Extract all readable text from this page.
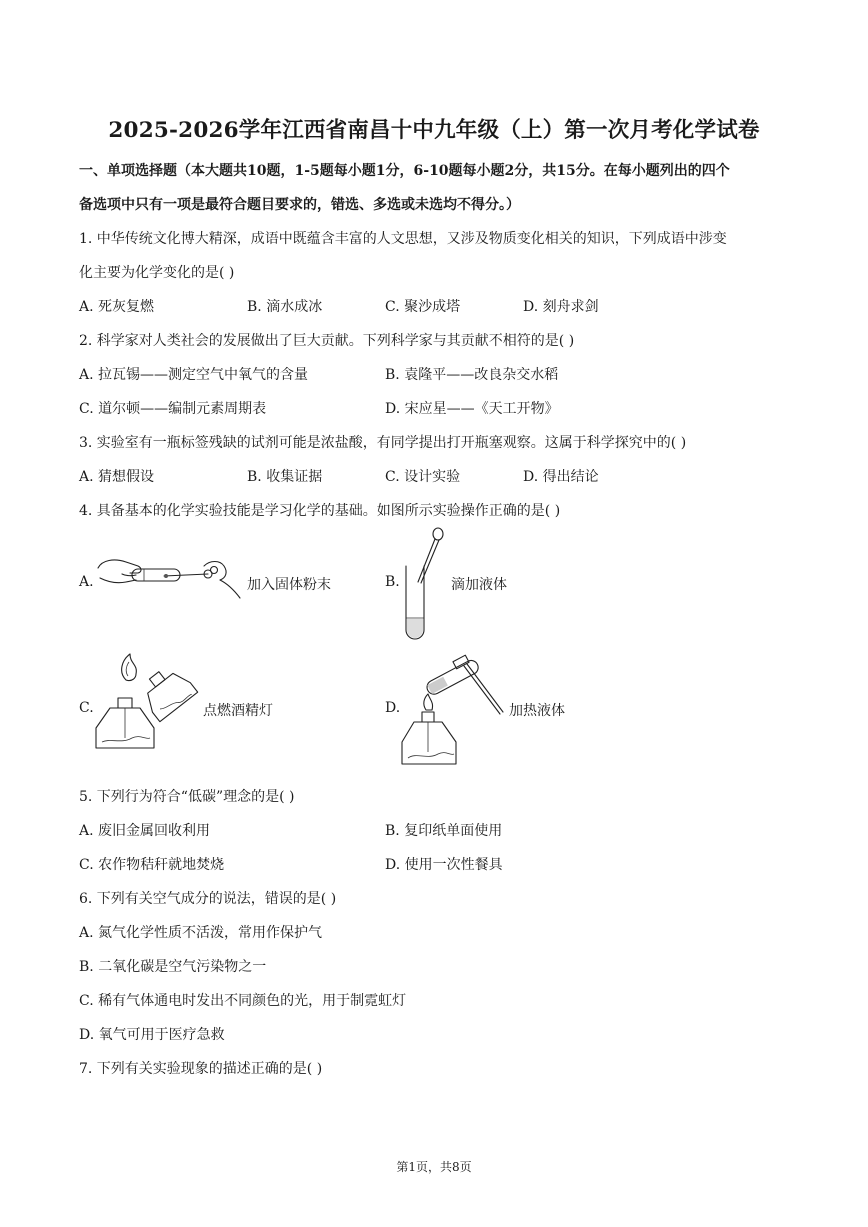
2025-2026学年江西省南昌十中九年级（上）第一次月考化学试卷
一、单项选择题（本大题共10题，1-5题每小题1分，6-10题每小题2分，共15分。在每小题列出的四个
备选项中只有一项是最符合题目要求的，错选、多选或未选均不得分。）
1. 中华传统文化博大精深，成语中既蕴含丰富的人文思想，又涉及物质变化相关的知识，下列成语中涉变
化主要为化学变化的是( )
A. 死灰复燃	B. 滴水成冰	C. 聚沙成塔	D. 刻舟求剑
2. 科学家对人类社会的发展做出了巨大贡献。下列科学家与其贡献不相符的是( )
A. 拉瓦锡——测定空气中氧气的含量	B. 袁隆平——改良杂交水稻
C. 道尔顿——编制元素周期表	D. 宋应星——《天工开物》
3. 实验室有一瓶标签残缺的试剂可能是浓盐酸，有同学提出打开瓶塞观察。这属于科学探究中的( )
A. 猜想假设	B. 收集证据	C. 设计实验	D. 得出结论
4. 具备基本的化学实验技能是学习化学的基础。如图所示实验操作正确的是( )
A.	加入固体粉末	B.	滴加液体
C.	点燃酒精灯	D.	加热液体
5. 下列行为符合“低碳”理念的是( )
A. 废旧金属回收利用	B. 复印纸单面使用
C. 农作物秸秆就地焚烧	D. 使用一次性餐具
6. 下列有关空气成分的说法，错误的是( )
A. 氮气化学性质不活泼，常用作保护气
B. 二氧化碳是空气污染物之一
C. 稀有气体通电时发出不同颜色的光，用于制霓虹灯
D. 氧气可用于医疗急救
7. 下列有关实验现象的描述正确的是( )
第1页，共8页
